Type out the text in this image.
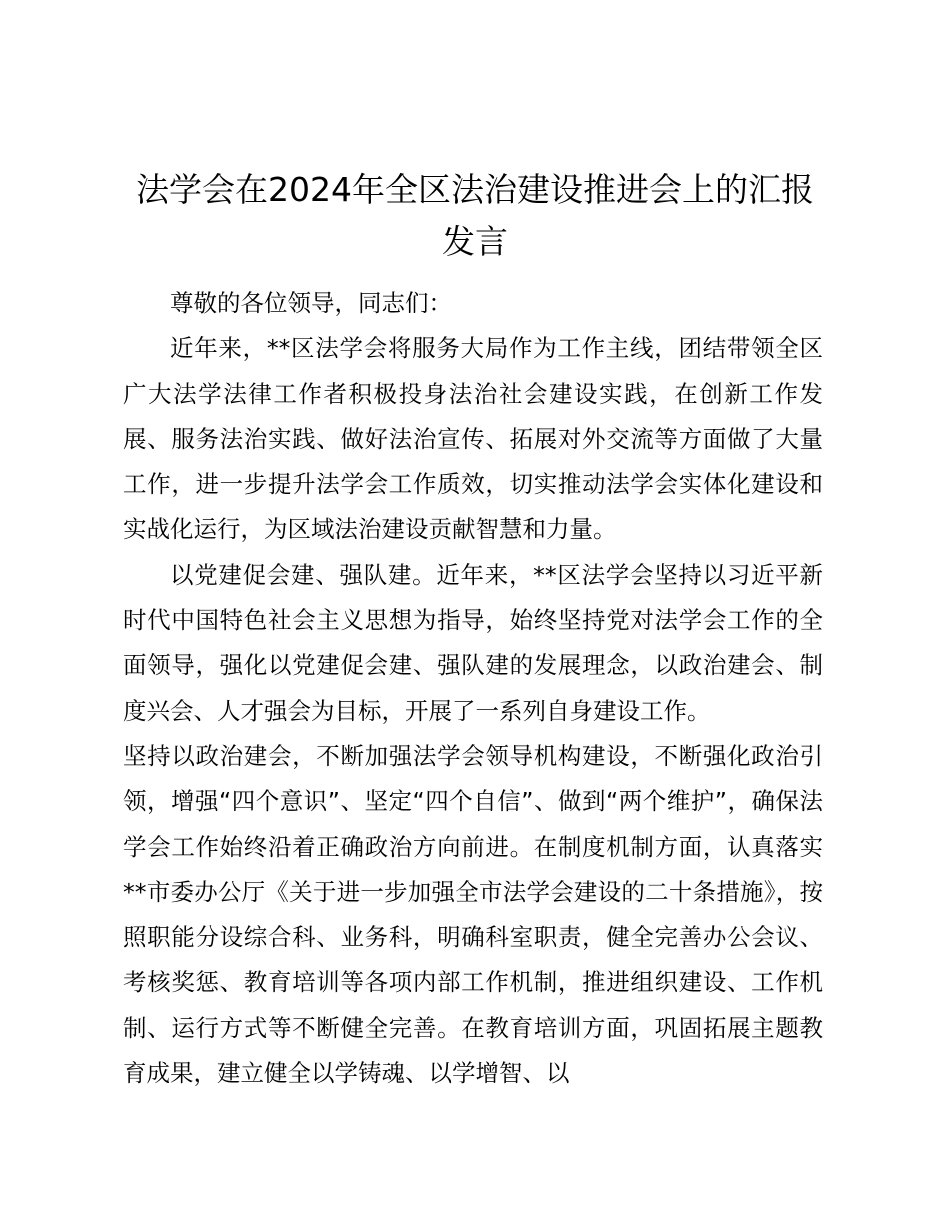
法学会在2024年全区法治建设推进会上的汇报发言

尊敬的各位领导，同志们：

近年来，**区法学会将服务大局作为工作主线，团结带领全区广大法学法律工作者积极投身法治社会建设实践，在创新工作发展、服务法治实践、做好法治宣传、拓展对外交流等方面做了大量工作，进一步提升法学会工作质效，切实推动法学会实体化建设和实战化运行，为区域法治建设贡献智慧和力量。

以党建促会建、强队建。近年来，**区法学会坚持以习近平新时代中国特色社会主义思想为指导，始终坚持党对法学会工作的全面领导，强化以党建促会建、强队建的发展理念，以政治建会、制度兴会、人才强会为目标，开展了一系列自身建设工作。

坚持以政治建会，不断加强法学会领导机构建设，不断强化政治引领，增强“四个意识”、坚定“四个自信”、做到“两个维护”，确保法学会工作始终沿着正确政治方向前进。在制度机制方面，认真落实**市委办公厅《关于进一步加强全市法学会建设的二十条措施》，按照职能分设综合科、业务科，明确科室职责，健全完善办公会议、考核奖惩、教育培训等各项内部工作机制，推进组织建设、工作机制、运行方式等不断健全完善。在教育培训方面，巩固拓展主题教育成果，建立健全以学铸魂、以学增智、以
